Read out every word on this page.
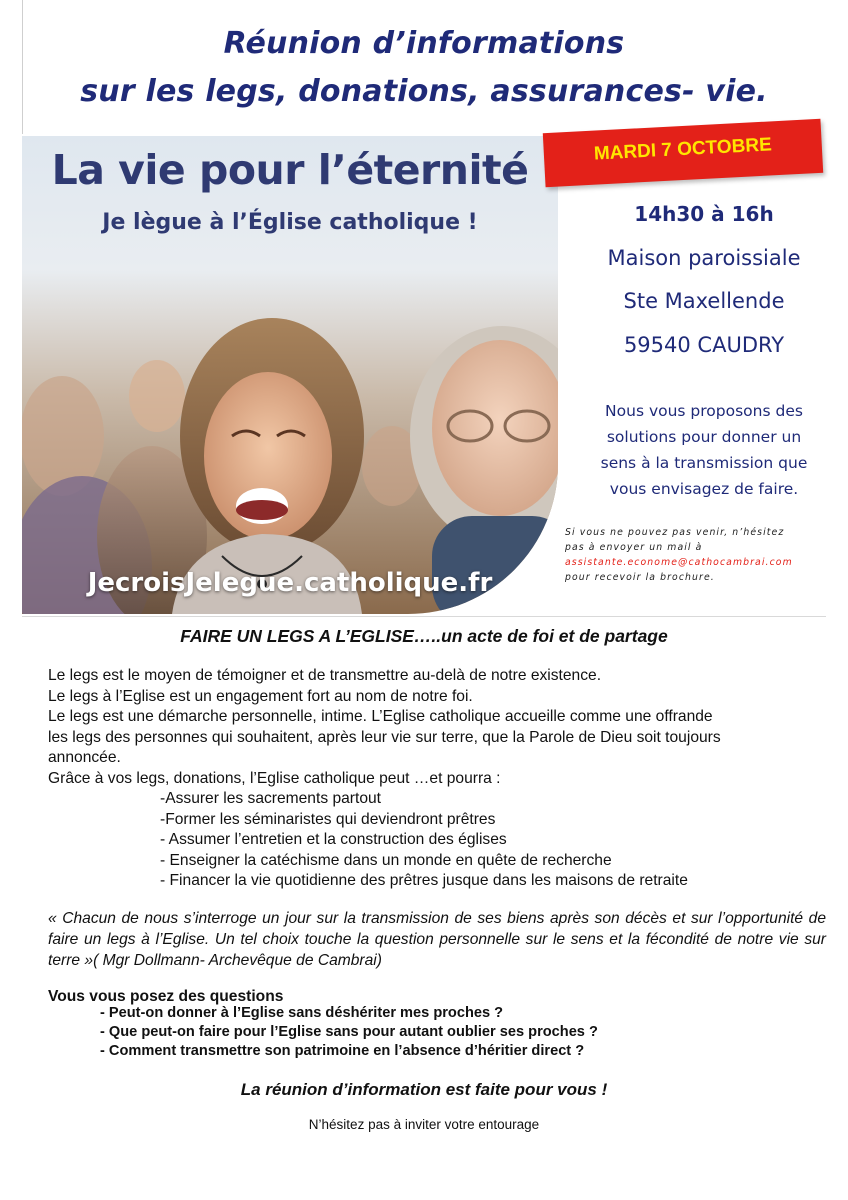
Réunion d’informations
sur les legs, donations, assurances- vie.
La vie pour l’éternité
Je lègue à l’Église catholique !
JecroisJelegue.catholique.fr
MARDI 7 OCTOBRE
14h30 à 16h
Maison paroissiale
Ste Maxellende
59540 CAUDRY
Nous vous proposons des
solutions pour donner un
sens à la transmission que
vous envisagez de faire.
Si vous ne pouvez pas venir, n’hésitez
pas à envoyer un mail à
assistante.econome@cathocambrai.com
pour recevoir la brochure.
FAIRE UN LEGS A L’EGLISE…..un acte de foi et de partage
Le legs est le moyen de témoigner et de transmettre au-delà de notre existence.
Le legs à l’Eglise est un engagement fort au nom de notre foi.
Le legs est une démarche personnelle, intime. L’Eglise catholique accueille comme une offrande
les legs des personnes qui souhaitent, après leur vie sur terre, que la Parole de Dieu soit toujours
annoncée.
Grâce à vos legs, donations, l’Eglise catholique peut …et pourra :
-Assurer les sacrements partout
-Former les séminaristes qui deviendront prêtres
- Assumer l’entretien et la construction des églises
- Enseigner la catéchisme dans un monde en quête de recherche
- Financer la vie quotidienne des prêtres jusque dans les maisons de retraite
« Chacun de nous s’interroge un jour sur la transmission de ses biens après son décès et sur l’opportunité de faire un legs à l’Eglise. Un tel choix touche la question personnelle sur le sens et la fécondité de notre vie sur terre »( Mgr Dollmann- Archevêque de Cambrai)
Vous vous posez des questions
- Peut-on donner à l’Eglise sans déshériter mes proches ?
- Que peut-on faire pour l’Eglise sans pour autant oublier ses proches ?
- Comment transmettre son patrimoine en l’absence d’héritier direct ?
La réunion d’information est faite pour vous !
N’hésitez pas à inviter votre entourage
